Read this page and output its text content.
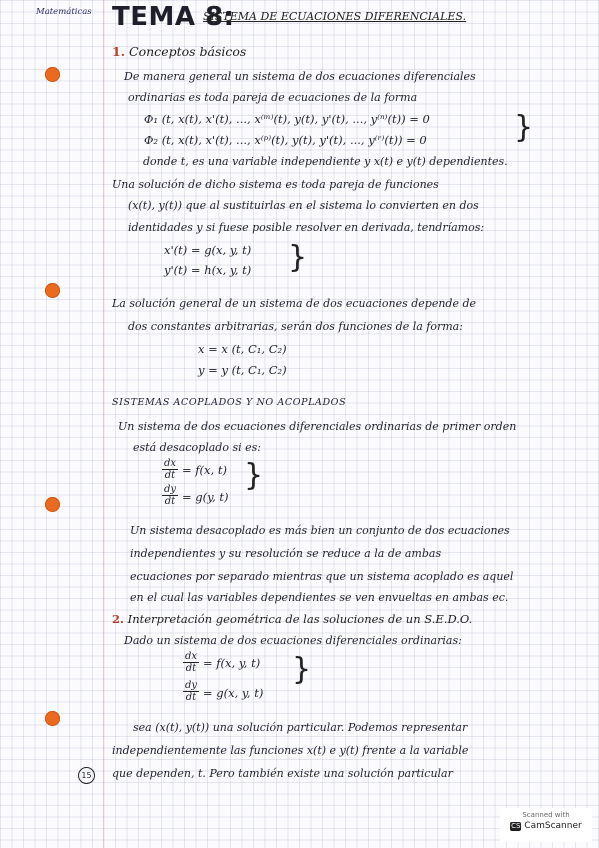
Matemáticas TEMA 8:
SISTEMA DE ECUACIONES DIFERENCIALES.
1. Conceptos básicos
De manera general un sistema de dos ecuaciones diferenciales
ordinarias es toda pareja de ecuaciones de la forma
Φ₁ (t, x(t), x'(t), ..., x⁽ᵐ⁾(t), y(t), y'(t), ..., y⁽ⁿ⁾(t)) = 0
Φ₂ (t, x(t), x'(t), ..., x⁽ᵖ⁾(t), y(t), y'(t), ..., y⁽ʳ⁾(t)) = 0	}
donde t, es una variable independiente y x(t) e y(t) dependientes.
Una solución de dicho sistema es toda pareja de funciones
(x(t), y(t)) que al sustituirlas en el sistema lo convierten en dos
identidades y si fuese posible resolver en derivada, tendríamos:
x'(t) = g(x, y, t)
y'(t) = h(x, y, t) }
La solución general de un sistema de dos ecuaciones depende de
dos constantes arbitrarias, serán dos funciones de la forma:
x = x (t, C₁, C₂)
y = y (t, C₁, C₂)
SISTEMAS ACOPLADOS Y NO ACOPLADOS
Un sistema de dos ecuaciones diferenciales ordinarias de primer orden
está desacoplado si es:
dx
dt = f(x, t)
dy
dt = g(y, t)
}
Un sistema desacoplado es más bien un conjunto de dos ecuaciones
independientes y su resolución se reduce a la de ambas
ecuaciones por separado mientras que un sistema acoplado es aquel
en el cual las variables dependientes se ven envueltas en ambas ec.
2. Interpretación geométrica de las soluciones de un S.E.D.O.
Dado un sistema de dos ecuaciones diferenciales ordinarias:
dx
dt = f(x, y, t)
dy
dt = g(x, y, t)
}
sea (x(t), y(t)) una solución particular. Podemos representar
independientemente las funciones x(t) e y(t) frente a la variable
que dependen, t. Pero también existe una solución particular
15
Scanned with
CS CamScanner
